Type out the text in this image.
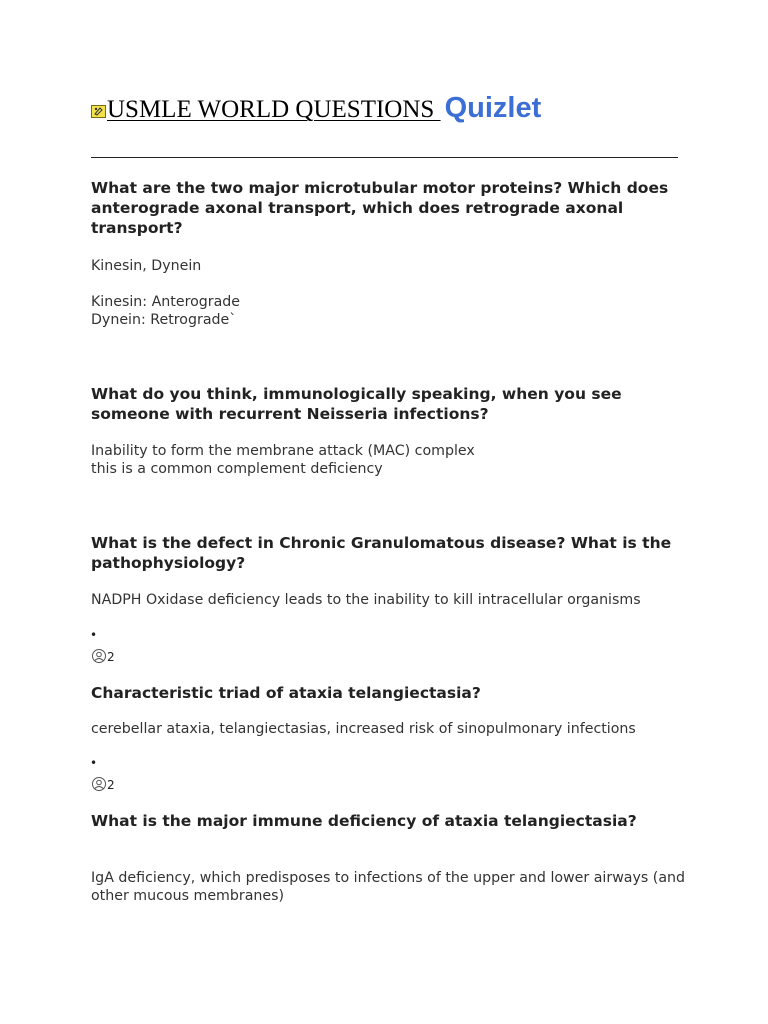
USMLE WORLD QUESTIONS Quizlet

What are the two major microtubular motor proteins? Which does anterograde axonal transport, which does retrograde axonal transport?

Kinesin, Dynein

Kinesin: Anterograde
Dynein: Retrograde`

What do you think, immunologically speaking, when you see someone with recurrent Neisseria infections?

Inability to form the membrane attack (MAC) complex
this is a common complement deficiency

What is the defect in Chronic Granulomatous disease? What is the pathophysiology?

NADPH Oxidase deficiency leads to the inability to kill intracellular organisms

•
2

Characteristic triad of ataxia telangiectasia?

cerebellar ataxia, telangiectasias, increased risk of sinopulmonary infections

•
2

What is the major immune deficiency of ataxia telangiectasia?

IgA deficiency, which predisposes to infections of the upper and lower airways (and other mucous membranes)
